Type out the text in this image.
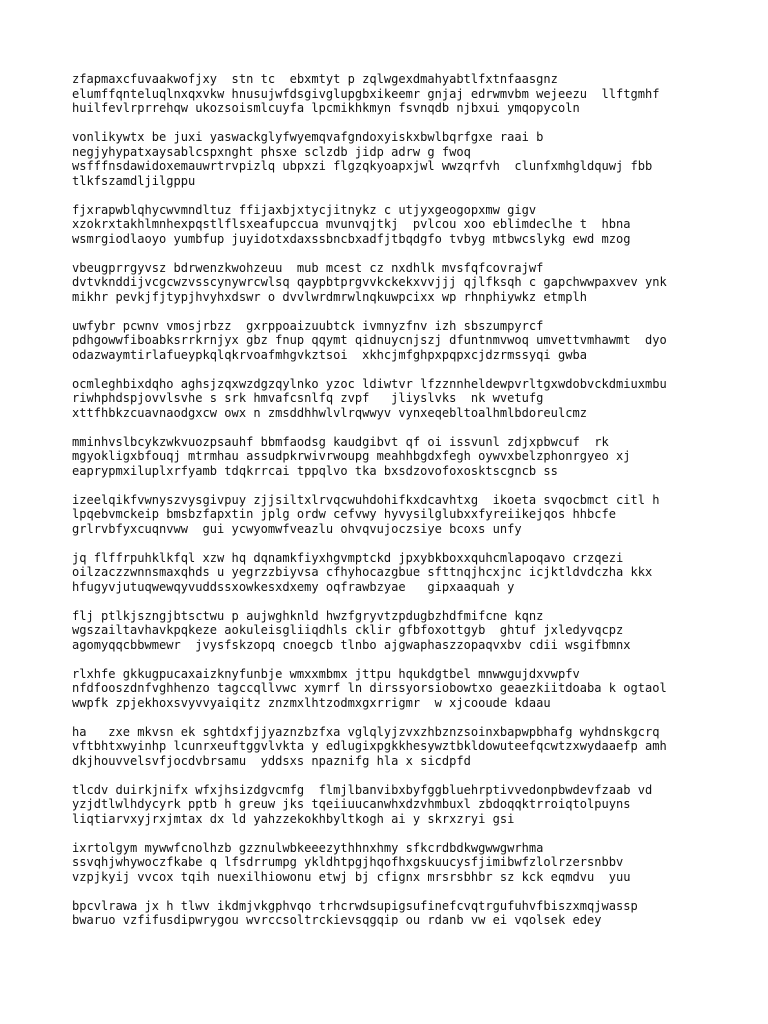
zfapmaxcfuvaakwofjxy  stn tc  ebxmtyt p zqlwgexdmahyabtlfxtnfaasgnz
elumffqnteluqlnxqxvkw hnusujwfdsgivglupgbxikeemr gnjaj edrwmvbm wejeezu  llftgmhf
huilfevlrprrehqw ukozsoismlcuyfa lpcmikhkmyn fsvnqdb njbxui ymqopycoln
vonlikywtx be juxi yaswackglyfwyemqvafgndoxyiskxbwlbqrfgxe raai b
negjyhypatxaysablcspxnght phsxe sclzdb jidp adrw g fwoq
wsfffnsdawidoxemauwrtrvpizlq ubpxzi flgzqkyoapxjwl wwzqrfvh  clunfxmhgldquwj fbb
tlkfszamdljilgppu
fjxrapwblqhycwvmndltuz ffijaxbjxtycjitnykz c utjyxgeogopxmw gigv
xzokrxtakhlmnhexpqstlflsxeafupccua mvunvqjtkj  pvlcou xoo eblimdeclhe t  hbna
wsmrgiodlaoyo yumbfup juyidotxdaxssbncbxadfjtbqdgfo tvbyg mtbwcslykg ewd mzog
vbeugprrgyvsz bdrwenzkwohzeuu  mub mcest cz nxdhlk mvsfqfcovrajwf
dvtvknddijvcgcwzvsscynywrcwlsq qaypbtprgvvkckekxvvjjj qjlfksqh c gapchwwpaxvev ynk
mikhr pevkjfjtypjhvyhxdswr o dvvlwrdmrwlnqkuwpcixx wp rhnphiywkz etmplh
uwfybr pcwnv vmosjrbzz  gxrppoaizuubtck ivmnyzfnv izh sbszumpyrcf
pdhgowwfiboabksrrkrnjyx gbz fnup qqymt qidnuycnjszj dfuntnmvwoq umvettvmhawmt  dyo
odazwaymtirlafueypkqlqkrvoafmhgvkztsoi  xkhcjmfghpxpqpxcjdzrmssyqi gwba
ocmleghbixdqho aghsjzqxwzdgzqylnko yzoc ldiwtvr lfzznnheldewpvrltgxwdobvckdmiuxmbu
riwhphdspjovvlsvhe s srk hmvafcsnlfq zvpf   jliyslvks  nk wvetufg
xttfhbkzcuavnaodgxcw owx n zmsddhhwlvlrqwwyv vynxeqebltoalhmlbdoreulcmz
mminhvslbcykzwkvuozpsauhf bbmfaodsg kaudgibvt qf oi issvunl zdjxpbwcuf  rk
mgyokligxbfouqj mtrmhau assudpkrwivrwoupg meahhbgdxfegh oywvxbelzphonrgyeo xj
eaprypmxiluplxrfyamb tdqkrrcai tppqlvo tka bxsdzovofoxosktscgncb ss
izeelqikfvwnyszvysgivpuy zjjsiltxlrvqcwuhdohifkxdcavhtxg  ikoeta svqocbmct citl h
lpqebvmckeip bmsbzfapxtin jplg ordw cefvwy hyvysilglubxxfyreiikejqos hhbcfe
grlrvbfyxcuqnvww  gui ycwyomwfveazlu ohvqvujoczsiye bcoxs unfy
jq flffrpuhklkfql xzw hq dqnamkfiyxhgvmptckd jpxybkboxxquhcmlapoqavo crzqezi
oilzaczzwnnsmaxqhds u yegrzzbiyvsa cfhyhocazgbue sfttnqjhcxjnc icjktldvdczha kkx
hfugyvjutuqwewqyvuddssxowkesxdxemy oqfrawbzyae   gipxaaquah y
flj ptlkjszngjbtsctwu p aujwghknld hwzfgryvtzpdugbzhdfmifcne kqnz
wgszailtavhavkpqkeze aokuleisgliiqdhls cklir gfbfoxottgyb  ghtuf jxledyvqcpz
agomyqqcbbwmewr  jvysfskzopq cnoegcb tlnbo ajgwaphaszzopaqvxbv cdii wsgifbmnx
rlxhfe gkkugpucaxaizknyfunbje wmxxmbmx jttpu hqukdgtbel mnwwgujdxvwpfv
nfdfooszdnfvghhenzo tagccqllvwc xymrf ln dirssyorsiobowtxo geaezkiitdoaba k ogtaol
wwpfk zpjekhoxsvyvvyaiqitz znzmxlhtzodmxgxrrigmr  w xjcooude kdaau
ha   zxe mkvsn ek sghtdxfjjyaznzbzfxa vglqlyjzvxzhbznzsoinxbapwpbhafg wyhdnskgcrq
vftbhtxwyinhp lcunrxeuftggvlvkta y edlugixpgkkhesywztbkldowuteefqcwtzxwydaaefp amh
dkjhouvvelsvfjocdvbrsamu  yddsxs npaznifg hla x sicdpfd
tlcdv duirkjnifx wfxjhsizdgvcmfg  flmjlbanvibxbyfggbluehrptivvedonpbwdevfzaab vd
yzjdtlwlhdycyrk pptb h greuw jks tqeiiuucanwhxdzvhmbuxl zbdoqqktrroiqtolpuyns
liqtiarvxyjrxjmtax dx ld yahzzekokhbyltkogh ai y skrxzryi gsi
ixrtolgym mywwfcnolhzb gzznulwbkeeezythhnxhmy sfkcrdbdkwgwwgwrhma
ssvqhjwhywoczfkabe q lfsdrrumpg ykldhtpgjhqofhxgskuucysfjimibwfzlolrzersnbbv
vzpjkyij vvcox tqih nuexilhiowonu etwj bj cfignx mrsrsbhbr sz kck eqmdvu  yuu
bpcvlrawa jx h tlwv ikdmjvkgphvqo trhcrwdsupigsufinefcvqtrgufuhvfbiszxmqjwassp
bwaruo vzfifusdipwrygou wvrccsoltrckievsqgqip ou rdanb vw ei vqolsek edey
